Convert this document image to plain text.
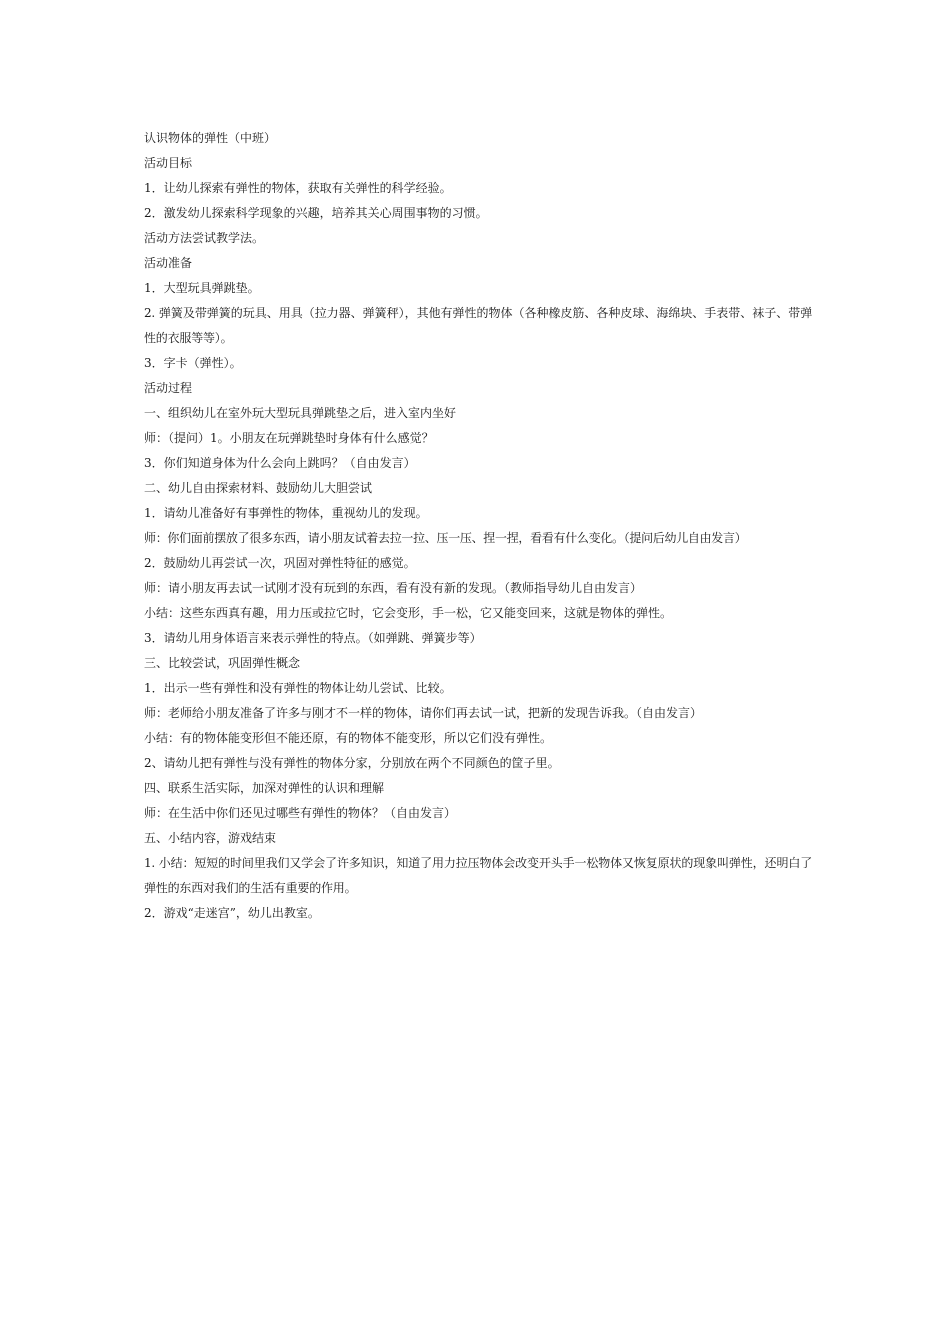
认识物体的弹性（中班）
活动目标
1．让幼儿探索有弹性的物体，获取有关弹性的科学经验。
2．激发幼儿探索科学现象的兴趣，培养其关心周围事物的习惯。
活动方法尝试教学法。
活动准备
1．大型玩具弹跳垫。
2. 弹簧及带弹簧的玩具、用具（拉力器、弹簧秤），其他有弹性的物体（各种橡皮筋、各种皮球、海绵块、手表带、袜子、带弹性的衣服等等）。
3．字卡（弹性）。
活动过程
一、组织幼儿在室外玩大型玩具弹跳垫之后，进入室内坐好
师：（提问）1。小朋友在玩弹跳垫时身体有什么感觉？
3．你们知道身体为什么会向上跳吗？（自由发言）
二、幼儿自由探索材料、鼓励幼儿大胆尝试
1．请幼儿准备好有事弹性的物体，重视幼儿的发现。
师：你们面前摆放了很多东西，请小朋友试着去拉一拉、压一压、捏一捏，看看有什么变化。（提问后幼儿自由发言）
2．鼓励幼儿再尝试一次，巩固对弹性特征的感觉。
师：请小朋友再去试一试刚才没有玩到的东西，看有没有新的发现。（教师指导幼儿自由发言）
小结：这些东西真有趣，用力压或拉它时，它会变形，手一松，它又能变回来，这就是物体的弹性。
3．请幼儿用身体语言来表示弹性的特点。（如弹跳、弹簧步等）
三、比较尝试，巩固弹性概念
1．出示一些有弹性和没有弹性的物体让幼儿尝试、比较。
师：老师给小朋友准备了许多与刚才不一样的物体，请你们再去试一试，把新的发现告诉我。（自由发言）
小结：有的物体能变形但不能还原，有的物体不能变形，所以它们没有弹性。
2、请幼儿把有弹性与没有弹性的物体分家，分别放在两个不同颜色的筐子里。
四、联系生活实际，加深对弹性的认识和理解
师：在生活中你们还见过哪些有弹性的物体？（自由发言）
五、小结内容，游戏结束
1. 小结：短短的时间里我们又学会了许多知识，知道了用力拉压物体会改变开头手一松物体又恢复原状的现象叫弹性，还明白了弹性的东西对我们的生活有重要的作用。
2．游戏“走迷宫”，幼儿出教室。
